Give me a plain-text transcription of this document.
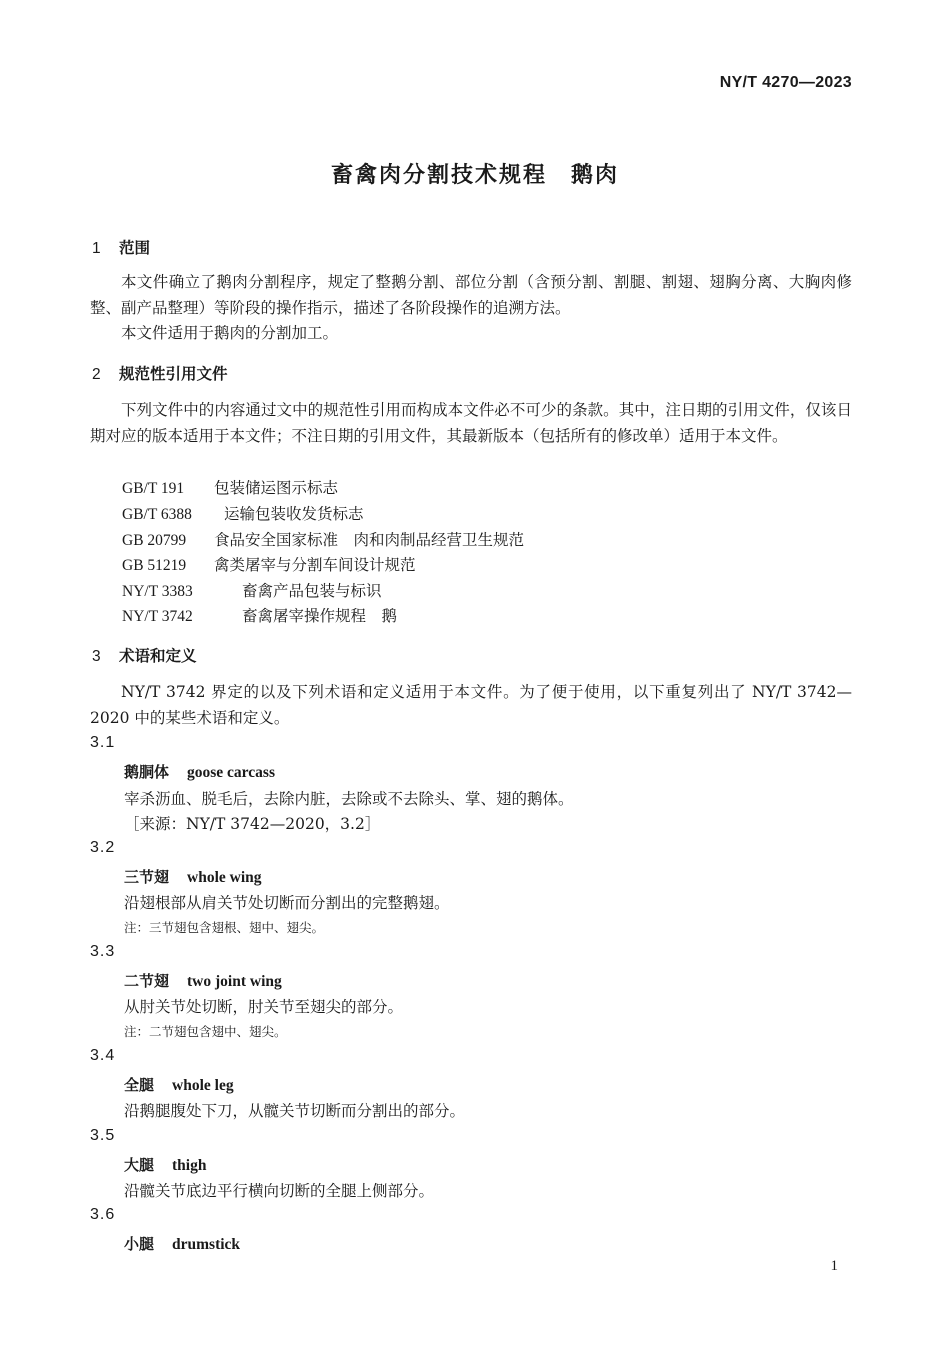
NY/T 4270—2023
畜禽肉分割技术规程　鹅肉
1 范围

本文件确立了鹅肉分割程序，规定了整鹅分割、部位分割（含预分割、割腿、割翅、翅胸分离、大胸肉修整、副产品整理）等阶段的操作指示，描述了各阶段操作的追溯方法。

本文件适用于鹅肉的分割加工。

2 规范性引用文件

下列文件中的内容通过文中的规范性引用而构成本文件必不可少的条款。其中，注日期的引用文件，仅该日期对应的版本适用于本文件；不注日期的引用文件，其最新版本（包括所有的修改单）适用于本文件。

GB/T 191 包装储运图示标志
GB/T 6388 运输包装收发货标志
GB 20799 食品安全国家标准　肉和肉制品经营卫生规范
GB 51219 禽类屠宰与分割车间设计规范
NY/T 3383	畜禽产品包装与标识
NY/T 3742	畜禽屠宰操作规程　鹅
3 术语和定义

NY/T 3742 界定的以及下列术语和定义适用于本文件。为了便于使用，以下重复列出了 NY/T 3742—2020 中的某些术语和定义。

3.1
鹅胴体 goose carcass
宰杀沥血、脱毛后，去除内脏，去除或不去除头、掌、翅的鹅体。
［来源：NY/T 3742—2020，3.2］
3.2
三节翅 whole wing
沿翅根部从肩关节处切断而分割出的完整鹅翅。
注：三节翅包含翅根、翅中、翅尖。
3.3
二节翅 two joint wing
从肘关节处切断，肘关节至翅尖的部分。
注：二节翅包含翅中、翅尖。
3.4
全腿 whole leg
沿鹅腿腹处下刀，从髋关节切断而分割出的部分。
3.5
大腿 thigh
沿髋关节底边平行横向切断的全腿上侧部分。
3.6
小腿 drumstick
1
